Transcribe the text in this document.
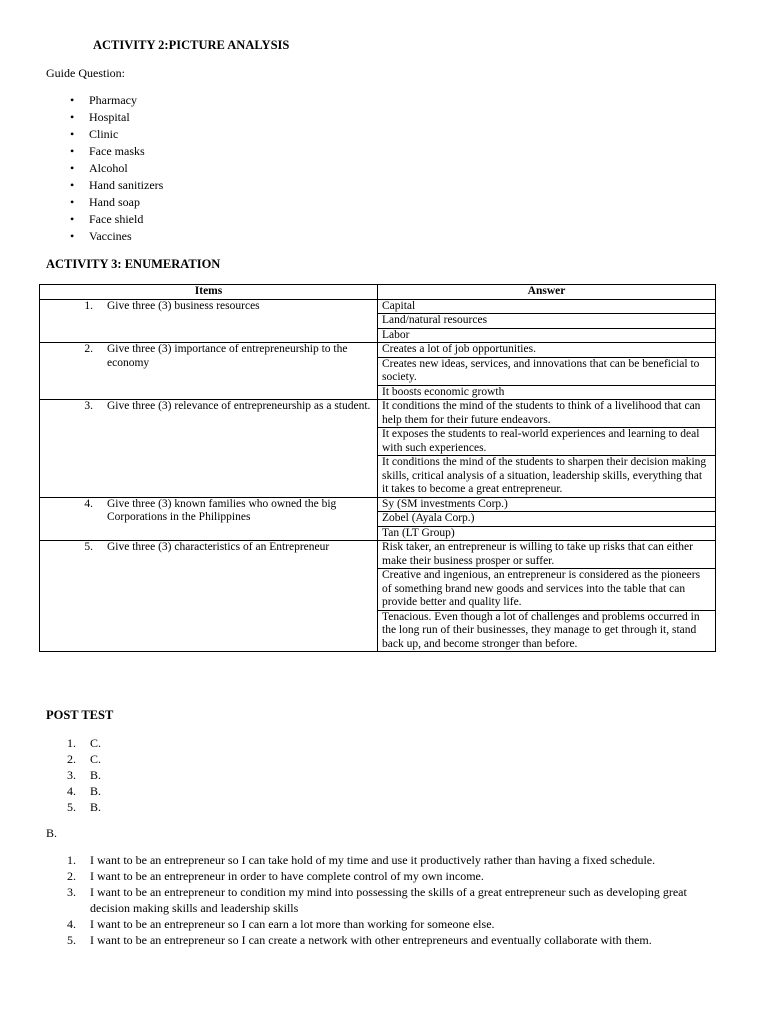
ACTIVITY 2:PICTURE ANALYSIS
Guide Question:
• Pharmacy
• Hospital
• Clinic
• Face masks
• Alcohol
• Hand sanitizers
• Hand soap
• Face shield
• Vaccines
ACTIVITY 3: ENUMERATION
Items	Answer

1. Give three (3) business resources	Capital
	Land/natural resources
	Labor

2. Give three (3) importance of entrepreneurship to the economy	Creates a lot of job opportunities.
	Creates new ideas, services, and innovations that can be beneficial to society.
	It boosts economic growth

3. Give three (3) relevance of entrepreneurship as a student.	It conditions the mind of the students to think of a livelihood that can help them for their future endeavors.
	It exposes the students to real-world experiences and learning to deal with such experiences.
	It conditions the mind of the students to sharpen their decision making skills, critical analysis of a situation, leadership skills, everything that it takes to become a great entrepreneur.

4. Give three (3) known families who owned the big Corporations in the Philippines	Sy (SM investments Corp.)
	Zobel (Ayala Corp.)
	Tan (LT Group)

5. Give three (3) characteristics of an Entrepreneur	Risk taker, an entrepreneur is willing to take up risks that can either make their business prosper or suffer.
	Creative and ingenious, an entrepreneur is considered as the pioneers of something brand new goods and services into the table that can provide better and quality life.
	Tenacious. Even though a lot of challenges and problems occurred in the long run of their businesses, they manage to get through it, stand back up, and become stronger than before.
POST TEST
1.	C.
2.	C.
3.	B.
4.	B.
5.	B.
B.
1.	I want to be an entrepreneur so I can take hold of my time and use it productively rather than having a fixed schedule.
2.	I want to be an entrepreneur in order to have complete control of my own income.
3.	I want to be an entrepreneur to condition my mind into possessing the skills of a great entrepreneur such as developing great decision making skills and leadership skills
4.	I want to be an entrepreneur so I can earn a lot more than working for someone else.
5.	I want to be an entrepreneur so I can create a network with other entrepreneurs and eventually collaborate with them.
